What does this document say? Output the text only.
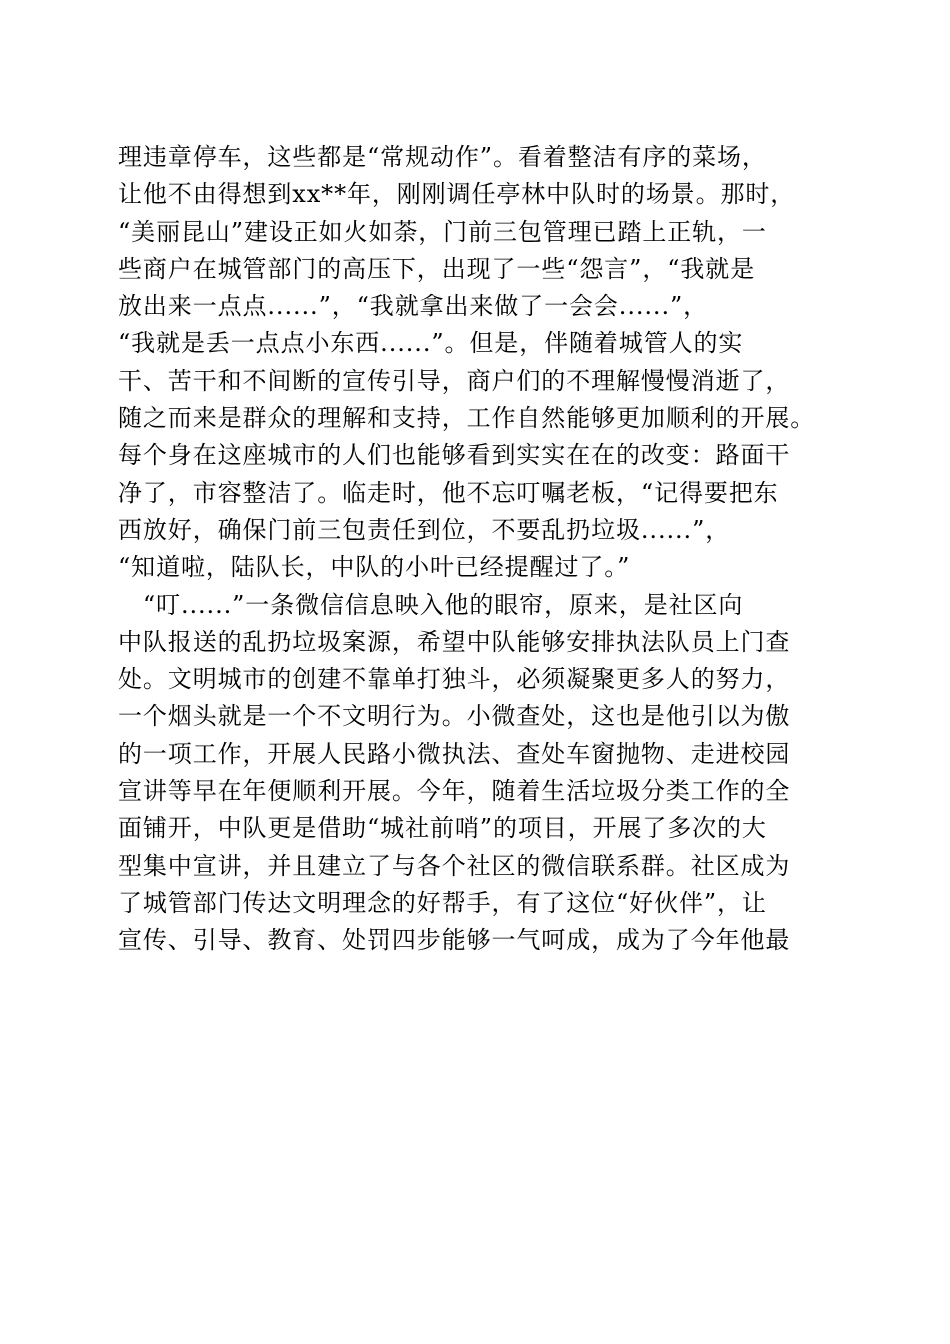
理违章停车，这些都是“常规动作”。看着整洁有序的菜场，
让他不由得想到xx**年，刚刚调任亭林中队时的场景。那时，
“美丽昆山”建设正如火如荼，门前三包管理已踏上正轨，一
些商户在城管部门的高压下，出现了一些“怨言”，“我就是
放出来一点点......”，“我就拿出来做了一会会......”，
“我就是丢一点点小东西......”。但是，伴随着城管人的实
干、苦干和不间断的宣传引导，商户们的不理解慢慢消逝了，
随之而来是群众的理解和支持，工作自然能够更加顺利的开展。
每个身在这座城市的人们也能够看到实实在在的改变：路面干
净了，市容整洁了。临走时，他不忘叮嘱老板，“记得要把东
西放好，确保门前三包责任到位，不要乱扔垃圾......”，
“知道啦，陆队长，中队的小叶已经提醒过了。”
　“叮......”一条微信信息映入他的眼帘，原来，是社区向
中队报送的乱扔垃圾案源，希望中队能够安排执法队员上门查
处。文明城市的创建不靠单打独斗，必须凝聚更多人的努力，
一个烟头就是一个不文明行为。小微查处，这也是他引以为傲
的一项工作，开展人民路小微执法、查处车窗抛物、走进校园
宣讲等早在年便顺利开展。今年，随着生活垃圾分类工作的全
面铺开，中队更是借助“城社前哨”的项目，开展了多次的大
型集中宣讲，并且建立了与各个社区的微信联系群。社区成为
了城管部门传达文明理念的好帮手，有了这位“好伙伴”，让
宣传、引导、教育、处罚四步能够一气呵成，成为了今年他最
